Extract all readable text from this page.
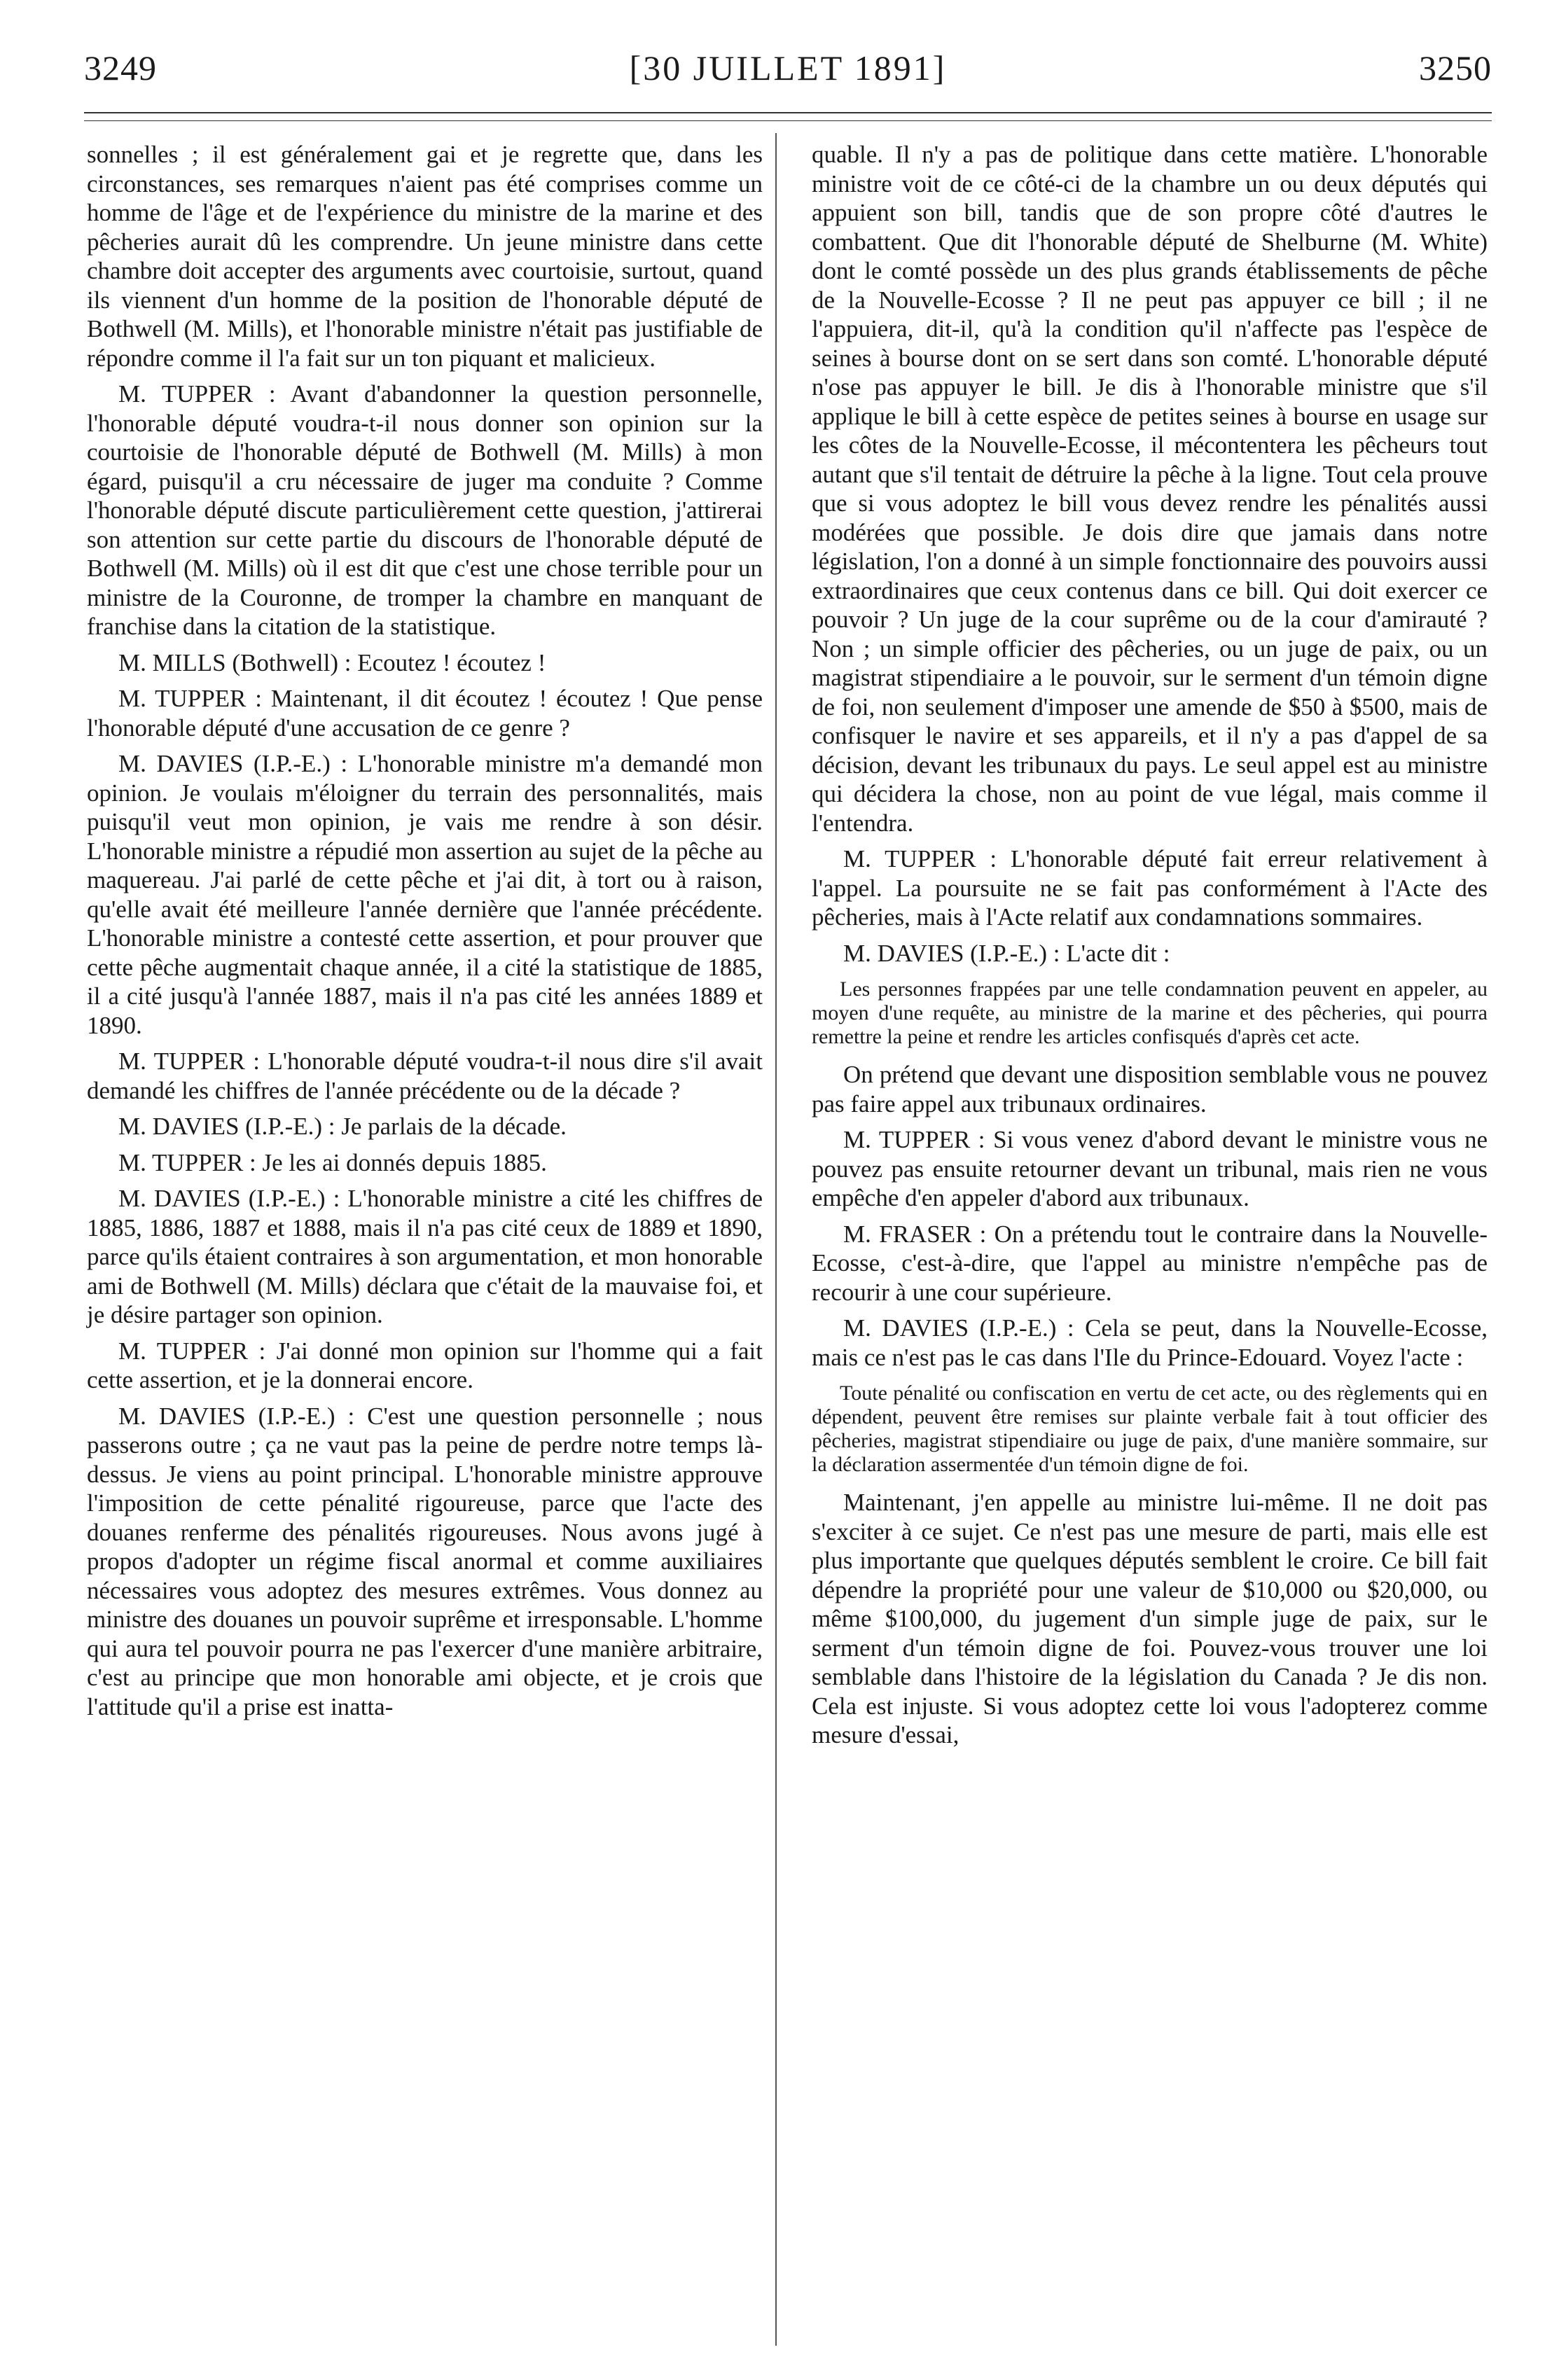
[30 JUILLET 1891]
3249	3250

sonnelles ; il est généralement gai et je regrette que, dans les circonstances, ses remarques n'aient pas été comprises comme un homme de l'âge et de l'expérience du ministre de la marine et des pêcheries aurait dû les comprendre. Un jeune ministre dans cette chambre doit accepter des arguments avec courtoisie, surtout, quand ils viennent d'un homme de la position de l'honorable député de Bothwell (M. Mills), et l'honorable ministre n'était pas justifiable de répondre comme il l'a fait sur un ton piquant et malicieux.

M. TUPPER : Avant d'abandonner la question personnelle, l'honorable député voudra-t-il nous donner son opinion sur la courtoisie de l'honorable député de Bothwell (M. Mills) à mon égard, puisqu'il a cru nécessaire de juger ma conduite ? Comme l'honorable député discute particulièrement cette question, j'attirerai son attention sur cette partie du discours de l'honorable député de Bothwell (M. Mills) où il est dit que c'est une chose terrible pour un ministre de la Couronne, de tromper la chambre en manquant de franchise dans la citation de la statistique.

M. MILLS (Bothwell) : Ecoutez ! écoutez !

M. TUPPER : Maintenant, il dit écoutez ! écoutez ! Que pense l'honorable député d'une accusation de ce genre ?

M. DAVIES (I.P.-E.) : L'honorable ministre m'a demandé mon opinion. Je voulais m'éloigner du terrain des personnalités, mais puisqu'il veut mon opinion, je vais me rendre à son désir. L'honorable ministre a répudié mon assertion au sujet de la pêche au maquereau. J'ai parlé de cette pêche et j'ai dit, à tort ou à raison, qu'elle avait été meilleure l'année dernière que l'année précédente. L'honorable ministre a contesté cette assertion, et pour prouver que cette pêche augmentait chaque année, il a cité la statistique de 1885, il a cité jusqu'à l'année 1887, mais il n'a pas cité les années 1889 et 1890.

M. TUPPER : L'honorable député voudra-t-il nous dire s'il avait demandé les chiffres de l'année précédente ou de la décade ?

M. DAVIES (I.P.-E.) : Je parlais de la décade.

M. TUPPER : Je les ai donnés depuis 1885.

M. DAVIES (I.P.-E.) : L'honorable ministre a cité les chiffres de 1885, 1886, 1887 et 1888, mais il n'a pas cité ceux de 1889 et 1890, parce qu'ils étaient contraires à son argumentation, et mon honorable ami de Bothwell (M. Mills) déclara que c'était de la mauvaise foi, et je désire partager son opinion.

M. TUPPER : J'ai donné mon opinion sur l'homme qui a fait cette assertion, et je la donnerai encore.

M. DAVIES (I.P.-E.) : C'est une question personnelle ; nous passerons outre ; ça ne vaut pas la peine de perdre notre temps là-dessus. Je viens au point principal. L'honorable ministre approuve l'imposition de cette pénalité rigoureuse, parce que l'acte des douanes renferme des pénalités rigoureuses. Nous avons jugé à propos d'adopter un régime fiscal anormal et comme auxiliaires nécessaires vous adoptez des mesures extrêmes. Vous donnez au ministre des douanes un pouvoir suprême et irresponsable. L'homme qui aura tel pouvoir pourra ne pas l'exercer d'une manière arbitraire, c'est au principe que mon honorable ami objecte, et je crois que l'attitude qu'il a prise est inatta-

quable. Il n'y a pas de politique dans cette matière. L'honorable ministre voit de ce côté-ci de la chambre un ou deux députés qui appuient son bill, tandis que de son propre côté d'autres le combattent. Que dit l'honorable député de Shelburne (M. White) dont le comté possède un des plus grands établissements de pêche de la Nouvelle-Ecosse ? Il ne peut pas appuyer ce bill ; il ne l'appuiera, dit-il, qu'à la condition qu'il n'affecte pas l'espèce de seines à bourse dont on se sert dans son comté. L'honorable député n'ose pas appuyer le bill. Je dis à l'honorable ministre que s'il applique le bill à cette espèce de petites seines à bourse en usage sur les côtes de la Nouvelle-Ecosse, il mécontentera les pêcheurs tout autant que s'il tentait de détruire la pêche à la ligne. Tout cela prouve que si vous adoptez le bill vous devez rendre les pénalités aussi modérées que possible. Je dois dire que jamais dans notre législation, l'on a donné à un simple fonctionnaire des pouvoirs aussi extraordinaires que ceux contenus dans ce bill. Qui doit exercer ce pouvoir ? Un juge de la cour suprême ou de la cour d'amirauté ? Non ; un simple officier des pêcheries, ou un juge de paix, ou un magistrat stipendiaire a le pouvoir, sur le serment d'un témoin digne de foi, non seulement d'imposer une amende de $50 à $500, mais de confisquer le navire et ses appareils, et il n'y a pas d'appel de sa décision, devant les tribunaux du pays. Le seul appel est au ministre qui décidera la chose, non au point de vue légal, mais comme il l'entendra.

M. TUPPER : L'honorable député fait erreur relativement à l'appel. La poursuite ne se fait pas conformément à l'Acte des pêcheries, mais à l'Acte relatif aux condamnations sommaires.

M. DAVIES (I.P.-E.) : L'acte dit :

Les personnes frappées par une telle condamnation peuvent en appeler, au moyen d'une requête, au ministre de la marine et des pêcheries, qui pourra remettre la peine et rendre les articles confisqués d'après cet acte.

On prétend que devant une disposition semblable vous ne pouvez pas faire appel aux tribunaux ordinaires.

M. TUPPER : Si vous venez d'abord devant le ministre vous ne pouvez pas ensuite retourner devant un tribunal, mais rien ne vous empêche d'en appeler d'abord aux tribunaux.

M. FRASER : On a prétendu tout le contraire dans la Nouvelle-Ecosse, c'est-à-dire, que l'appel au ministre n'empêche pas de recourir à une cour supérieure.

M. DAVIES (I.P.-E.) : Cela se peut, dans la Nouvelle-Ecosse, mais ce n'est pas le cas dans l'Ile du Prince-Edouard. Voyez l'acte :

Toute pénalité ou confiscation en vertu de cet acte, ou des règlements qui en dépendent, peuvent être remises sur plainte verbale fait à tout officier des pêcheries, magistrat stipendiaire ou juge de paix, d'une manière sommaire, sur la déclaration assermentée d'un témoin digne de foi.

Maintenant, j'en appelle au ministre lui-même. Il ne doit pas s'exciter à ce sujet. Ce n'est pas une mesure de parti, mais elle est plus importante que quelques députés semblent le croire. Ce bill fait dépendre la propriété pour une valeur de $10,000 ou $20,000, ou même $100,000, du jugement d'un simple juge de paix, sur le serment d'un témoin digne de foi. Pouvez-vous trouver une loi semblable dans l'histoire de la législation du Canada ? Je dis non. Cela est injuste. Si vous adoptez cette loi vous l'adopterez comme mesure d'essai,
